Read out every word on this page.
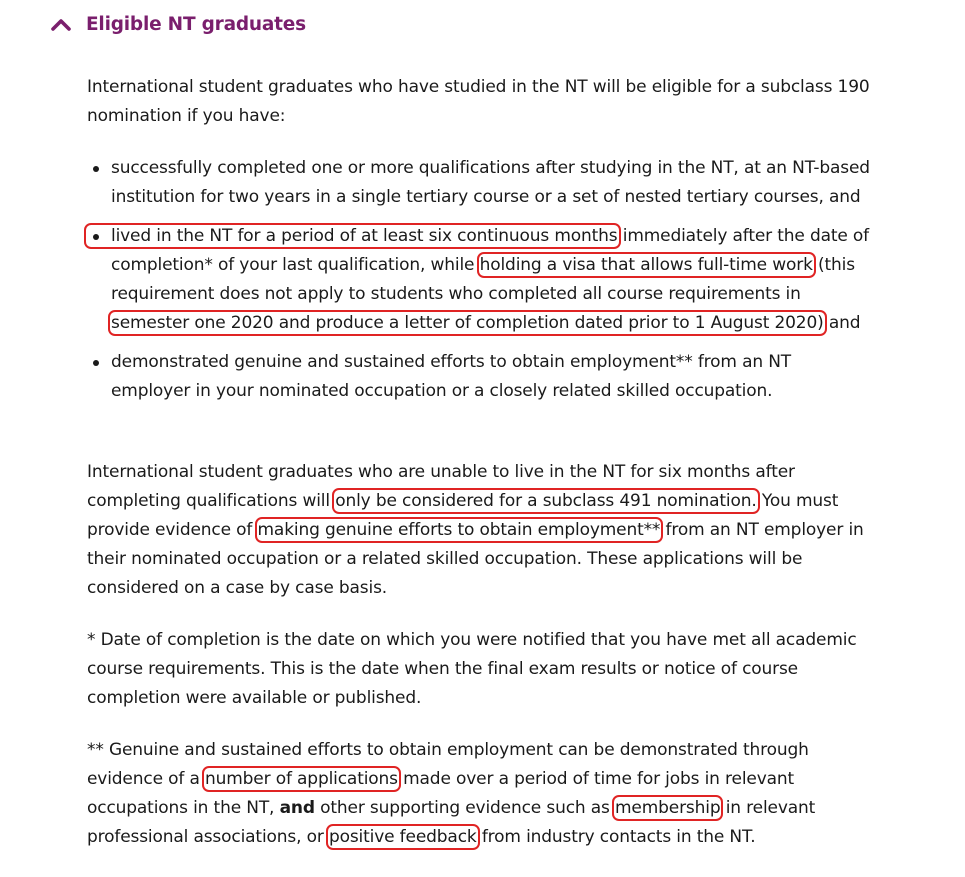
Eligible NT graduates

International student graduates who have studied in the NT will be eligible for a subclass 190
nomination if you have:

successfully completed one or more qualifications after studying in the NT, at an NT-based
institution for two years in a single tertiary course or a set of nested tertiary courses, and
lived in the NT for a period of at least six continuous months immediately after the date of
completion* of your last qualification, while holding a visa that allows full-time work (this
requirement does not apply to students who completed all course requirements in
semester one 2020 and produce a letter of completion dated prior to 1 August 2020) and
demonstrated genuine and sustained efforts to obtain employment** from an NT
employer in your nominated occupation or a closely related skilled occupation.

International student graduates who are unable to live in the NT for six months after
completing qualifications will only be considered for a subclass 491 nomination. You must
provide evidence of making genuine efforts to obtain employment** from an NT employer in
their nominated occupation or a related skilled occupation. These applications will be
considered on a case by case basis.

* Date of completion is the date on which you were notified that you have met all academic
course requirements. This is the date when the final exam results or notice of course
completion were available or published.

** Genuine and sustained efforts to obtain employment can be demonstrated through
evidence of a number of applications made over a period of time for jobs in relevant
occupations in the NT, and other supporting evidence such as membership in relevant
professional associations, or positive feedback from industry contacts in the NT.
